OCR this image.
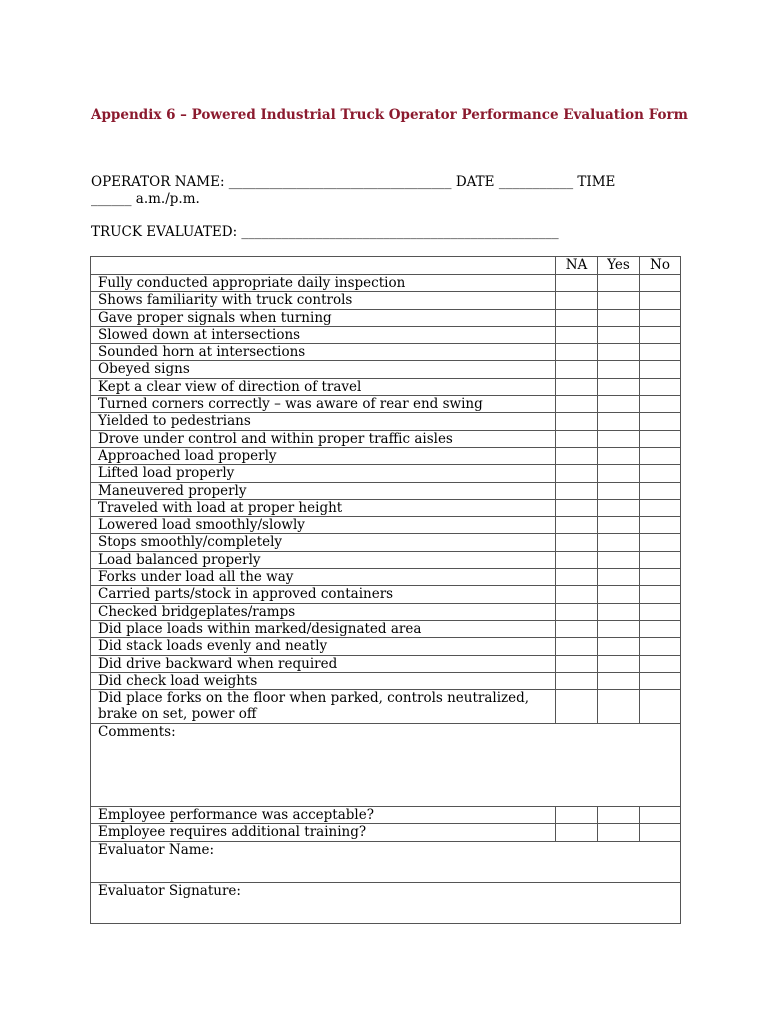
Appendix 6 – Powered Industrial Truck Operator Performance Evaluation Form
OPERATOR NAME: _________________________________ DATE ___________ TIME
______ a.m./p.m.
TRUCK EVALUATED: _______________________________________________
	NA	Yes	No
Fully conducted appropriate daily inspection			
Shows familiarity with truck controls			
Gave proper signals when turning			
Slowed down at intersections			
Sounded horn at intersections			
Obeyed signs			
Kept a clear view of direction of travel			
Turned corners correctly – was aware of rear end swing			
Yielded to pedestrians			
Drove under control and within proper traffic aisles			
Approached load properly			
Lifted load properly			
Maneuvered properly			
Traveled with load at proper height			
Lowered load smoothly/slowly			
Stops smoothly/completely			
Load balanced properly			
Forks under load all the way			
Carried parts/stock in approved containers			
Checked bridgeplates/ramps			
Did place loads within marked/designated area			
Did stack loads evenly and neatly			
Did drive backward when required			
Did check load weights			
Did place forks on the floor when parked, controls neutralized, brake on set, power off			
Comments:			
Employee performance was acceptable?			
Employee requires additional training?			
Evaluator Name:			
Evaluator Signature:			
